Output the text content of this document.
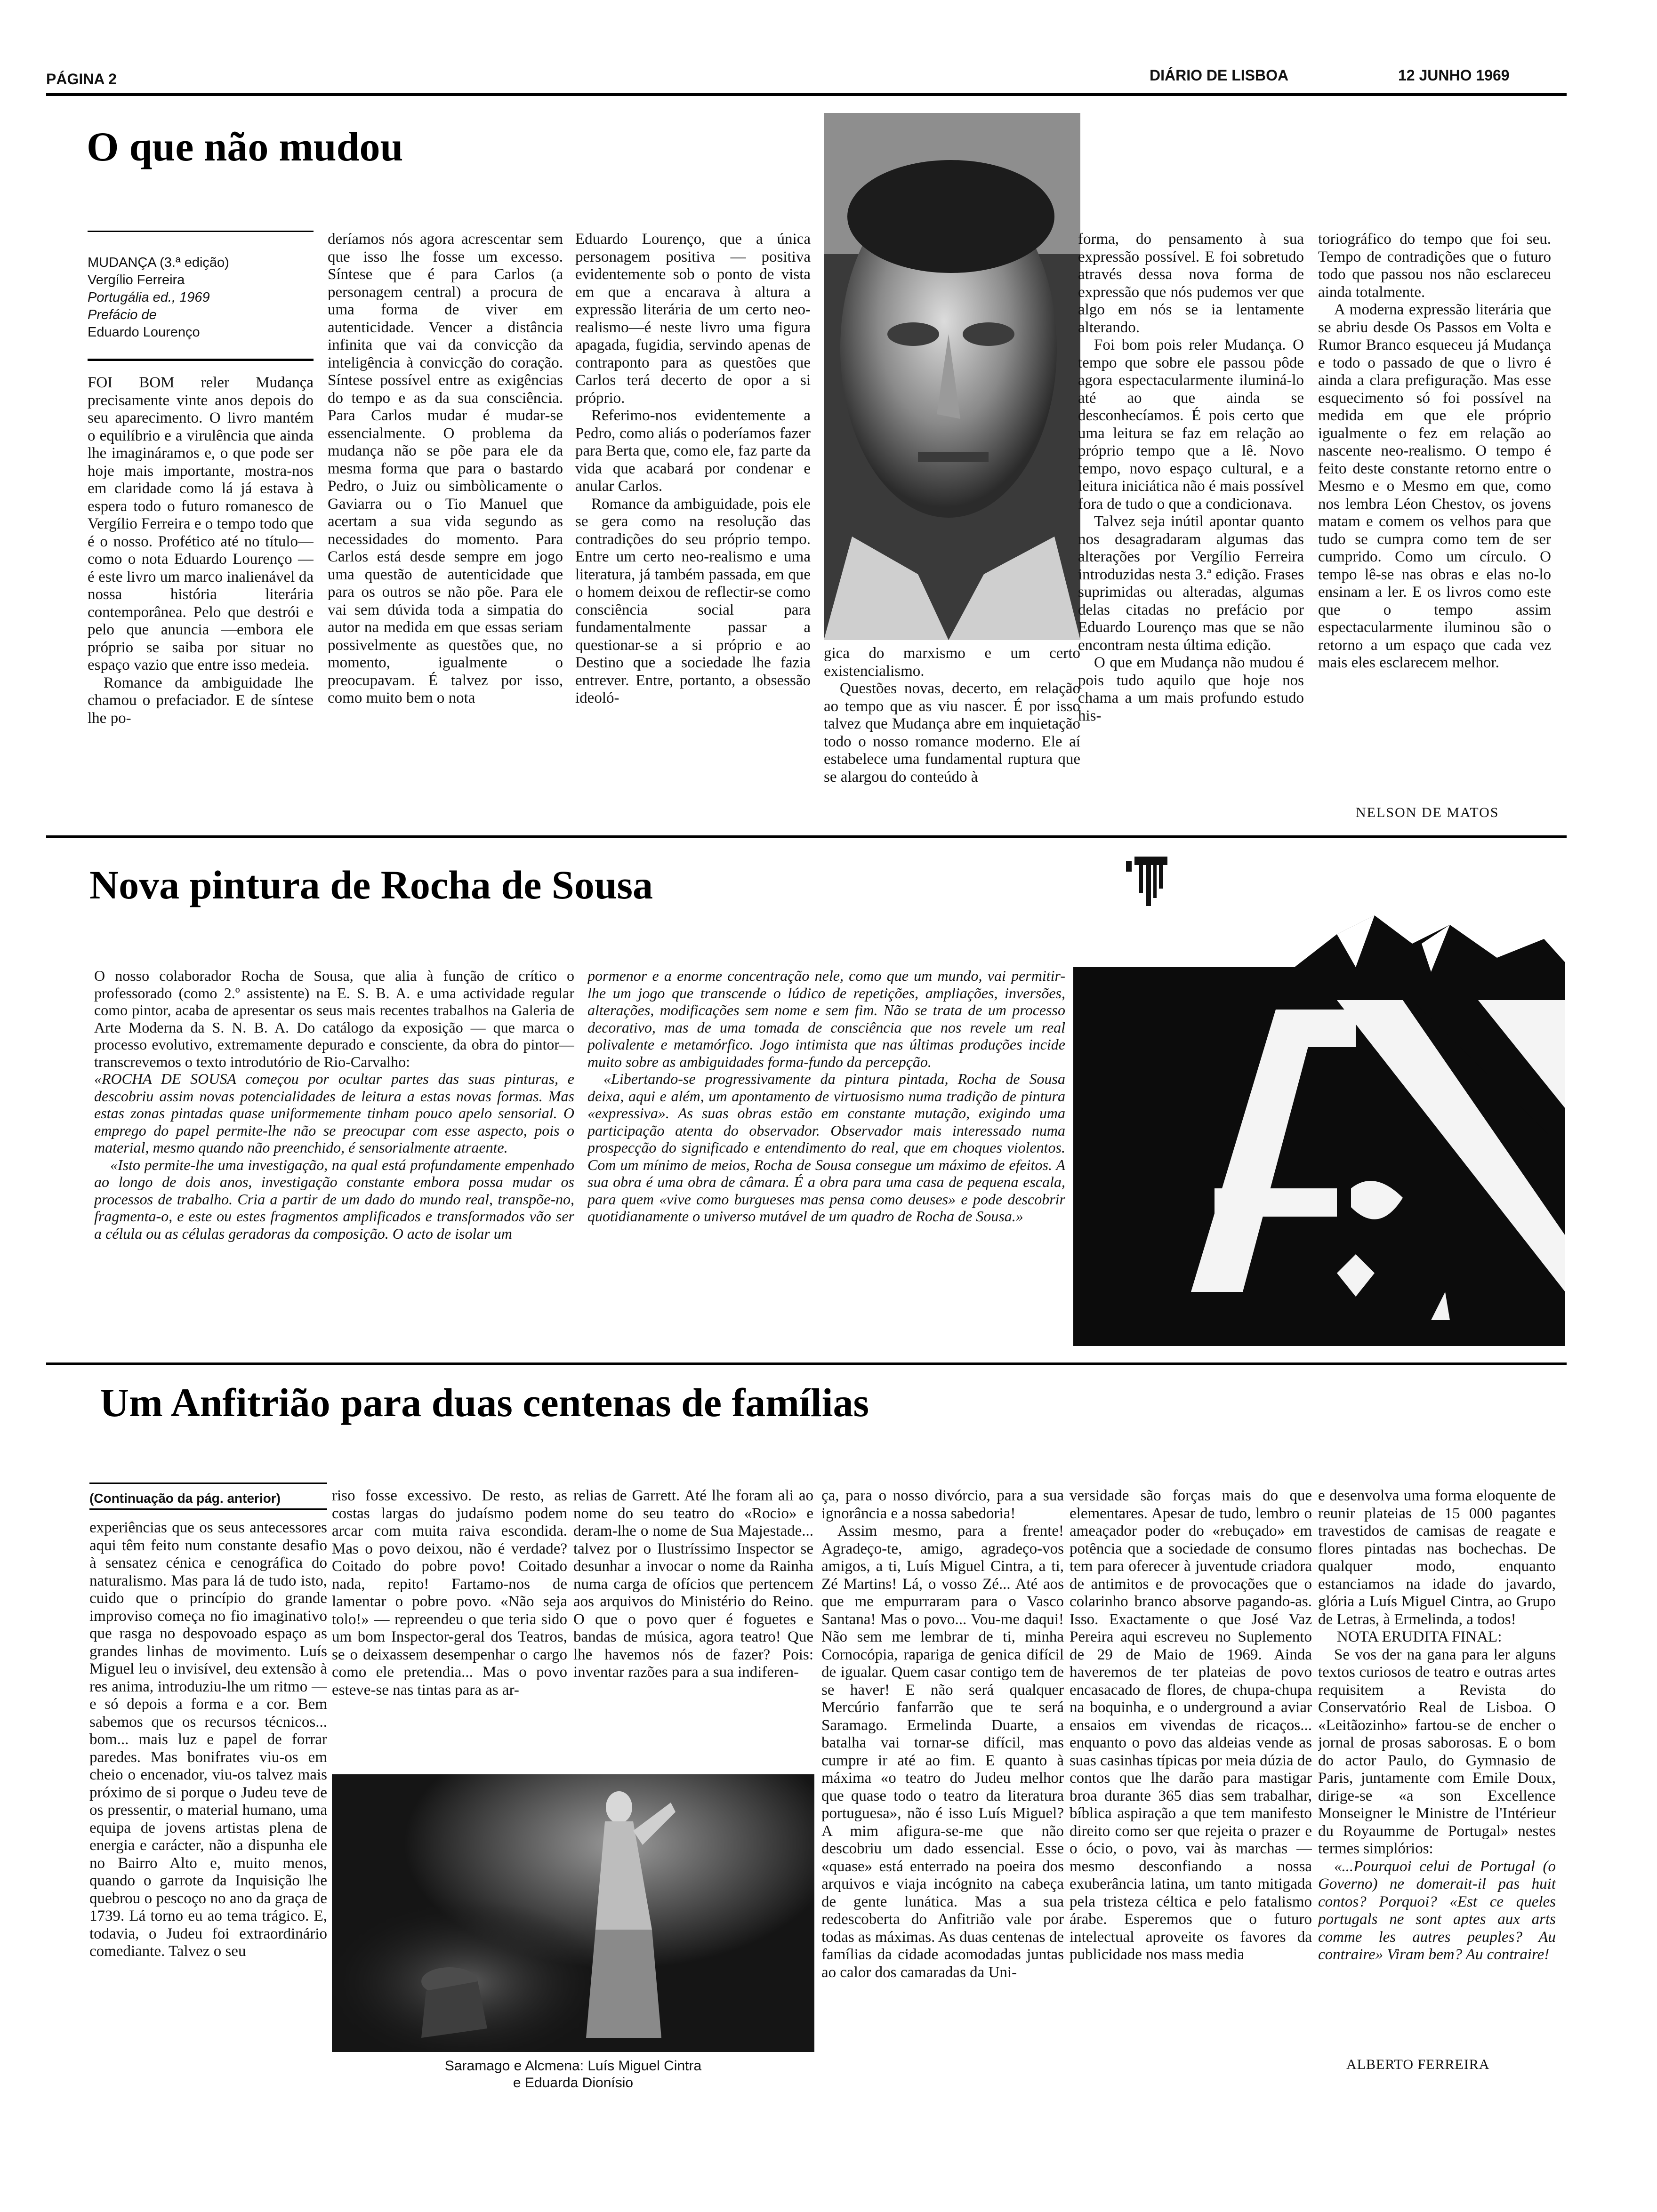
PÁGINA 2	DIÁRIO DE LISBOA	12 JUNHO 1969
O que não mudou
MUDANÇA (3.ª edição)
Vergílio Ferreira
Portugália ed., 1969
Prefácio de
Eduardo Lourenço

FOI BOM reler Mudança precisamente vinte anos depois do seu aparecimento. O livro mantém o equilíbrio e a virulência que ainda lhe imagináramos e, o que pode ser hoje mais importante, mostra-nos em claridade como lá já estava à espera todo o futuro romanesco de Vergílio Ferreira e o tempo todo que é o nosso. Profético até no título—como o nota Eduardo Lourenço — é este livro um marco inalienável da nossa história literária contemporânea. Pelo que destrói e pelo que anuncia —embora ele próprio se saiba por situar no espaço vazio que entre isso medeia.

Romance da ambiguidade lhe chamou o prefaciador. E de síntese lhe po-

deríamos nós agora acrescentar sem que isso lhe fosse um excesso. Síntese que é para Carlos (a personagem central) a procura de uma forma de viver em autenticidade. Vencer a distância infinita que vai da convicção da inteligência à convicção do coração. Síntese possível entre as exigências do tempo e as da sua consciência. Para Carlos mudar é mudar-se essencialmente. O problema da mudança não se põe para ele da mesma forma que para o bastardo Pedro, o Juiz ou simbòlicamente o Gaviarra ou o Tio Manuel que acertam a sua vida segundo as necessidades do momento. Para Carlos está desde sempre em jogo uma questão de autenticidade que para os outros se não põe. Para ele vai sem dúvida toda a simpatia do autor na medida em que essas seriam possivelmente as questões que, no momento, igualmente o preocupavam. É talvez por isso, como muito bem o nota

Eduardo Lourenço, que a única personagem positiva — positiva evidentemente sob o ponto de vista em que a encarava à altura a expressão literária de um certo neo-realismo—é neste livro uma figura apagada, fugidia, servindo apenas de contraponto para as questões que Carlos terá decerto de opor a si próprio.

Referimo-nos evidentemente a Pedro, como aliás o poderíamos fazer para Berta que, como ele, faz parte da vida que acabará por condenar e anular Carlos.

Romance da ambiguidade, pois ele se gera como na resolução das contradições do seu próprio tempo. Entre um certo neo-realismo e uma literatura, já também passada, em que o homem deixou de reflectir-se como consciência social para fundamentalmente passar a questionar-se a si próprio e ao Destino que a sociedade lhe fazia entrever. Entre, portanto, a obsessão ideoló-

gica do marxismo e um certo existencialismo.

Questões novas, decerto, em relação ao tempo que as viu nascer. É por isso talvez que Mudança abre em inquietação todo o nosso romance moderno. Ele aí estabelece uma fundamental ruptura que se alargou do conteúdo à

forma, do pensamento à sua expressão possível. E foi sobretudo através dessa nova forma de expressão que nós pudemos ver que algo em nós se ia lentamente alterando.

Foi bom pois reler Mudança. O tempo que sobre ele passou pôde agora espectacularmente iluminá-lo até ao que ainda se desconhecíamos. É pois certo que uma leitura se faz em relação ao próprio tempo que a lê. Novo tempo, novo espaço cultural, e a leitura iniciática não é mais possível fora de tudo o que a condicionava.

Talvez seja inútil apontar quanto nos desagradaram algumas das alterações por Vergílio Ferreira introduzidas nesta 3.ª edição. Frases suprimidas ou alteradas, algumas delas citadas no prefácio por Eduardo Lourenço mas que se não encontram nesta última edição.

O que em Mudança não mudou é pois tudo aquilo que hoje nos chama a um mais profundo estudo his-

toriográfico do tempo que foi seu. Tempo de contradições que o futuro todo que passou nos não esclareceu ainda totalmente.

A moderna expressão literária que se abriu desde Os Passos em Volta e Rumor Branco esqueceu já Mudança e todo o passado de que o livro é ainda a clara prefiguração. Mas esse esquecimento só foi possível na medida em que ele próprio igualmente o fez em relação ao nascente neo-realismo. O tempo é feito deste constante retorno entre o Mesmo e o Mesmo em que, como nos lembra Léon Chestov, os jovens matam e comem os velhos para que tudo se cumpra como tem de ser cumprido. Como um círculo. O tempo lê-se nas obras e elas no-lo ensinam a ler. E os livros como este que o tempo assim espectacularmente iluminou são o retorno a um espaço que cada vez mais eles esclarecem melhor.

NELSON DE MATOS
Nova pintura de Rocha de Sousa

O nosso colaborador Rocha de Sousa, que alia à função de crítico o professorado (como 2.º assistente) na E. S. B. A. e uma actividade regular como pintor, acaba de apresentar os seus mais recentes trabalhos na Galeria de Arte Moderna da S. N. B. A. Do catálogo da exposição — que marca o processo evolutivo, extremamente depurado e consciente, da obra do pintor— transcrevemos o texto introdutório de Rio-Carvalho:

«ROCHA DE SOUSA começou por ocultar partes das suas pinturas, e descobriu assim novas potencialidades de leitura a estas novas formas. Mas estas zonas pintadas quase uniformemente tinham pouco apelo sensorial. O emprego do papel permite-lhe não se preocupar com esse aspecto, pois o material, mesmo quando não preenchido, é sensorialmente atraente.

«Isto permite-lhe uma investigação, na qual está profundamente empenhado ao longo de dois anos, investigação constante embora possa mudar os processos de trabalho. Cria a partir de um dado do mundo real, transpõe-no, fragmenta-o, e este ou estes fragmentos amplificados e transformados vão ser a célula ou as células geradoras da composição. O acto de isolar um

pormenor e a enorme concentração nele, como que um mundo, vai permitir-lhe um jogo que transcende o lúdico de repetições, ampliações, inversões, alterações, modificações sem nome e sem fim. Não se trata de um processo decorativo, mas de uma tomada de consciência que nos revele um real polivalente e metamórfico. Jogo intimista que nas últimas produções incide muito sobre as ambiguidades forma-fundo da percepção.

«Libertando-se progressivamente da pintura pintada, Rocha de Sousa deixa, aqui e além, um apontamento de virtuosismo numa tradição de pintura «expressiva». As suas obras estão em constante mutação, exigindo uma participação atenta do observador. Observador mais interessado numa prospecção do significado e entendimento do real, que em choques violentos. Com um mínimo de meios, Rocha de Sousa consegue um máximo de efeitos. A sua obra é uma obra de câmara. É a obra para uma casa de pequena escala, para quem «vive como burgueses mas pensa como deuses» e pode descobrir quotidianamente o universo mutável de um quadro de Rocha de Sousa.»

Um Anfitrião para duas centenas de famílias
(Continuação da pág. anterior)

experiências que os seus antecessores aqui têm feito num constante desafio à sensatez cénica e cenográfica do naturalismo. Mas para lá de tudo isto, cuido que o princípio do grande improviso começa no fio imaginativo que rasga no despovoado espaço as grandes linhas de movimento. Luís Miguel leu o invisível, deu extensão à res anima, introduziu-lhe um ritmo — e só depois a forma e a cor. Bem sabemos que os recursos técnicos... bom... mais luz e papel de forrar paredes. Mas bonifrates viu-os em cheio o encenador, viu-os talvez mais próximo de si porque o Judeu teve de os pressentir, o material humano, uma equipa de jovens artistas plena de energia e carácter, não a dispunha ele no Bairro Alto e, muito menos, quando o garrote da Inquisição lhe quebrou o pescoço no ano da graça de 1739. Lá torno eu ao tema trágico. E, todavia, o Judeu foi extraordinário comediante. Talvez o seu

riso fosse excessivo. De resto, as costas largas do judaísmo podem arcar com muita raiva escondida. Mas o povo deixou, não é verdade? Coitado do pobre povo! Coitado nada, repito! Fartamo-nos de lamentar o pobre povo. «Não seja tolo!» — repreendeu o que teria sido um bom Inspector-geral dos Teatros, se o deixassem desempenhar o cargo como ele pretendia... Mas o povo esteve-se nas tintas para as ar-

relias de Garrett. Até lhe foram ali ao nome do seu teatro do «Rocio» e deram-lhe o nome de Sua Majestade... talvez por o Ilustríssimo Inspector se desunhar a invocar o nome da Rainha numa carga de ofícios que pertencem aos arquivos do Ministério do Reino. O que o povo quer é foguetes e bandas de música, agora teatro! Que lhe havemos nós de fazer? Pois: inventar razões para a sua indiferen-

Saramago e Alcmena: Luís Miguel Cintra
e Eduarda Dionísio

ça, para o nosso divórcio, para a sua ignorância e a nossa sabedoria!

Assim mesmo, para a frente! Agradeço-te, amigo, agradeço-vos amigos, a ti, Luís Miguel Cintra, a ti, Zé Martins! Lá, o vosso Zé... Até aos que me empurraram para o Vasco Santana! Mas o povo... Vou-me daqui! Não sem me lembrar de ti, minha Cornocópia, rapariga de genica difícil de igualar. Quem casar contigo tem de se haver! E não será qualquer Mercúrio fanfarrão que te será Saramago. Ermelinda Duarte, a batalha vai tornar-se difícil, mas cumpre ir até ao fim. E quanto à máxima «o teatro do Judeu melhor que quase todo o teatro da literatura portuguesa», não é isso Luís Miguel? A mim afigura-se-me que não descobriu um dado essencial. Esse «quase» está enterrado na poeira dos arquivos e viaja incógnito na cabeça de gente lunática. Mas a sua redescoberta do Anfitrião vale por todas as máximas. As duas centenas de famílias da cidade acomodadas juntas ao calor dos camaradas da Uni-

versidade são forças mais do que elementares. Apesar de tudo, lembro o ameaçador poder do «rebuçado» em potência que a sociedade de consumo tem para oferecer à juventude criadora de antimitos e de provocações que o colarinho branco absorve pagando-as. Isso. Exactamente o que José Vaz Pereira aqui escreveu no Suplemento de 29 de Maio de 1969. Ainda haveremos de ter plateias de povo encasacado de flores, de chupa-chupa na boquinha, e o underground a aviar ensaios em vivendas de ricaços... enquanto o povo das aldeias vende as suas casinhas típicas por meia dúzia de contos que lhe darão para mastigar broa durante 365 dias sem trabalhar, bíblica aspiração a que tem manifesto direito como ser que rejeita o prazer e o ócio, o povo, vai às marchas — mesmo desconfiando a nossa exuberância latina, um tanto mitigada pela tristeza céltica e pelo fatalismo árabe. Esperemos que o futuro intelectual aproveite os favores da publicidade nos mass media

e desenvolva uma forma eloquente de reunir plateias de 15 000 pagantes travestidos de camisas de reagate e flores pintadas nas bochechas. De qualquer modo, enquanto estanciamos na idade do javardo, glória a Luís Miguel Cintra, ao Grupo de Letras, à Ermelinda, a todos!

NOTA ERUDITA FINAL:

Se vos der na gana para ler alguns textos curiosos de teatro e outras artes requisitem a Revista do Conservatório Real de Lisboa. O «Leitãozinho» fartou-se de encher o jornal de prosas saborosas. E o bom do actor Paulo, do Gymnasio de Paris, juntamente com Emile Doux, dirige-se «a son Excellence Monseigner le Ministre de l'Intérieur du Royaumme de Portugal» nestes termes simplórios:

«...Pourquoi celui de Portugal (o Governo) ne domerait-il pas huit contos? Porquoi? «Est ce queles portugals ne sont aptes aux arts comme les autres peuples? Au contraire» Viram bem? Au contraire!

ALBERTO FERREIRA
